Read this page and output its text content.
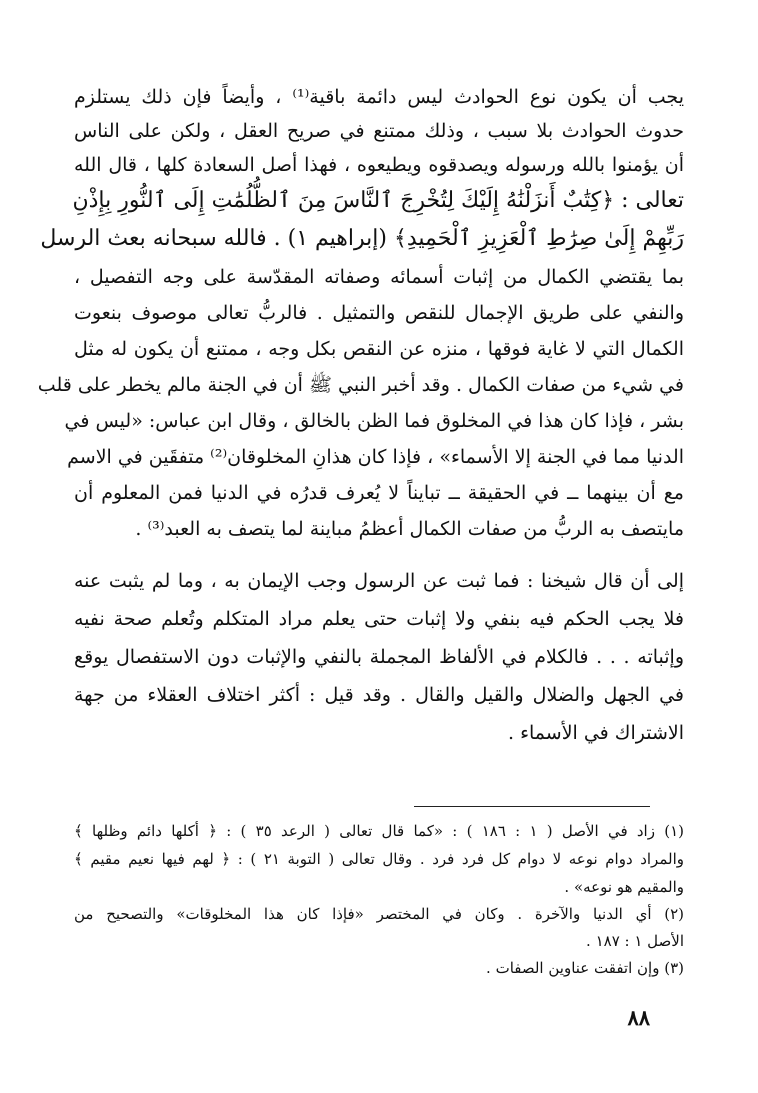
يجب أن يكون نوع الحوادث ليس دائمة باقية⁽¹⁾ ، وأيضاً فإن ذلك يستلزم
حدوث الحوادث بلا سبب ، وذلك ممتنع في صريح العقل ، ولكن على الناس
أن يؤمنوا بالله ورسوله ويصدقوه ويطيعوه ، فهذا أصل السعادة كلها ، قال الله
تعالى : ﴿كِتَٰبٌ أَنزَلْنَٰهُ إِلَيْكَ لِتُخْرِجَ ٱلنَّاسَ مِنَ ٱلظُّلُمَٰتِ إِلَى ٱلنُّورِ بِإِذْنِ
رَبِّهِمْ إِلَىٰ صِرَٰطِ ٱلْعَزِيزِ ٱلْحَمِيدِ﴾ (إبراهيم ١) . فالله سبحانه بعث الرسل
بما يقتضي الكمال من إثبات أسمائه وصفاته المقدّسة على وجه التفصيل ،
والنفي على طريق الإجمال للنقص والتمثيل . فالربُّ تعالى موصوف بنعوت
الكمال التي لا غاية فوقها ، منزه عن النقص بكل وجه ، ممتنع أن يكون له مثل
في شيء من صفات الكمال . وقد أخبر النبي ﷺ أن في الجنة مالم يخطر على قلب
بشر ، فإذا كان هذا في المخلوق فما الظن بالخالق ، وقال ابن عباس: «ليس في
الدنيا مما في الجنة إلا الأسماء» ، فإذا كان هذانِ المخلوقان⁽²⁾ متفقَين في الاسم
مع أن بينهما ــ في الحقيقة ــ تبايناً لا يُعرف قدرُه في الدنيا فمن المعلوم أن
مايتصف به الربُّ من صفات الكمال أعظمُ مباينة لما يتصف به العبد⁽³⁾ .
إلى أن قال شيخنا : فما ثبت عن الرسول وجب الإيمان به ، وما لم يثبت عنه
فلا يجب الحكم فيه بنفي ولا إثبات حتى يعلم مراد المتكلم وتُعلم صحة نفيه
وإثباته . . . فالكلام في الألفاظ المجملة بالنفي والإثبات دون الاستفصال يوقع
في الجهل والضلال والقيل والقال . وقد قيل : أكثر اختلاف العقلاء من جهة
الاشتراك في الأسماء .
(١) زاد في الأصل ( ١ : ١٨٦ ) : «كما قال تعالى ( الرعد ٣٥ ) : ﴿ أكلها دائم وظلها ﴾
والمراد دوام نوعه لا دوام كل فرد فرد . وقال تعالى ( التوبة ٢١ ) : ﴿ لهم فيها نعيم مقيم ﴾
والمقيم هو نوعه» .
(٢) أي الدنيا والآخرة . وكان في المختصر «فإذا كان هذا المخلوقات» والتصحيح من
الأصل ١ : ١٨٧ .
(٣) وإن اتفقت عناوين الصفات .
٨٨
